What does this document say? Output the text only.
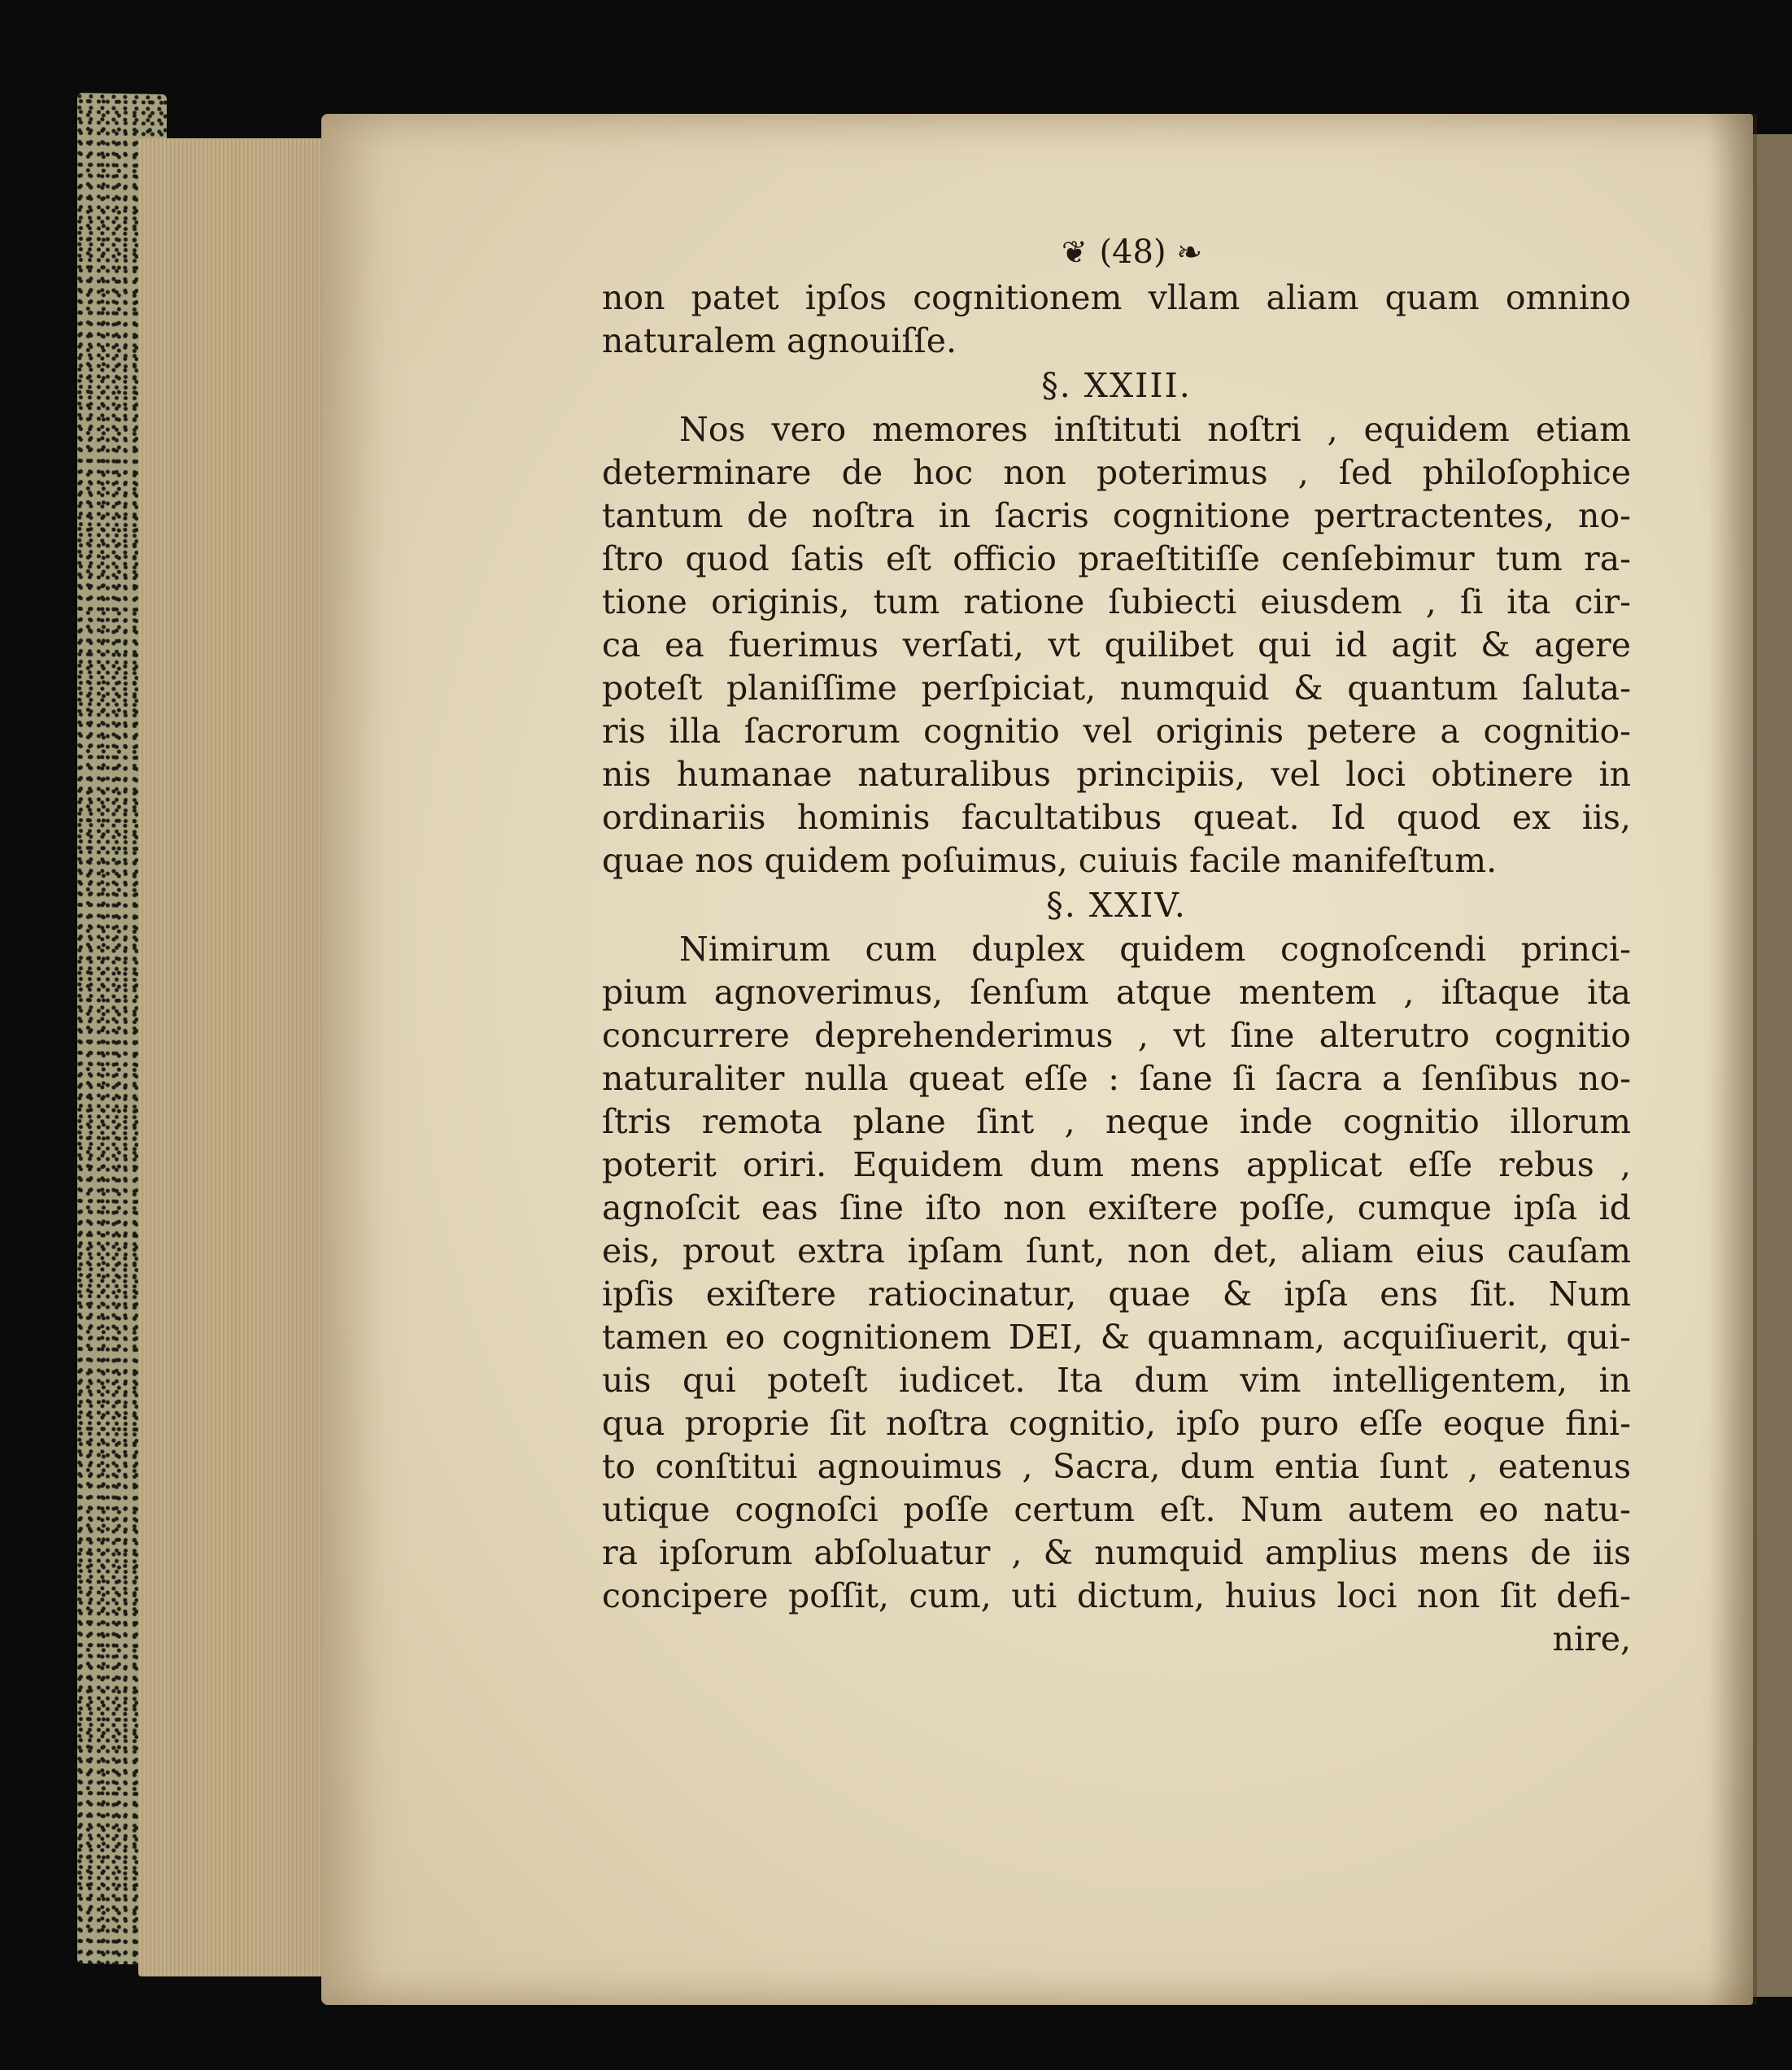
❦ (48) ❧
non patet ipſos cognitionem vllam aliam quam omnino
naturalem agnouiſſe.
§. XXIII.
Nos vero memores inſtituti noſtri , equidem etiam
determinare de hoc non poterimus , ſed philoſophice
tantum de noſtra in ſacris cognitione pertractentes, no-
ſtro quod ſatis eſt officio praeſtitiſſe cenſebimur tum ra-
tione originis, tum ratione ſubiecti eiusdem , ſi ita cir-
ca ea fuerimus verſati, vt quilibet qui id agit & agere
poteſt planiſſime perſpiciat, numquid & quantum ſaluta-
ris illa ſacrorum cognitio vel originis petere a cognitio-
nis humanae naturalibus principiis, vel loci obtinere in
ordinariis hominis facultatibus queat. Id quod ex iis,
quae nos quidem poſuimus, cuiuis facile manifeſtum.
§. XXIV.
Nimirum cum duplex quidem cognoſcendi princi-
pium agnoverimus, ſenſum atque mentem , iſtaque ita
concurrere deprehenderimus , vt ſine alterutro cognitio
naturaliter nulla queat eſſe : ſane ſi ſacra a ſenſibus no-
ſtris remota plane ſint , neque inde cognitio illorum
poterit oriri. Equidem dum mens applicat eſſe rebus ,
agnoſcit eas ſine iſto non exiſtere poſſe, cumque ipſa id
eis, prout extra ipſam ſunt, non det, aliam eius cauſam
ipſis exiſtere ratiocinatur, quae & ipſa ens ſit. Num
tamen eo cognitionem DEI, & quamnam, acquiſiuerit, qui-
uis qui poteſt iudicet. Ita dum vim intelligentem, in
qua proprie ſit noſtra cognitio, ipſo puro eſſe eoque fini-
to conſtitui agnouimus , Sacra, dum entia ſunt , eatenus
utique cognoſci poſſe certum eſt. Num autem eo natu-
ra ipſorum abſoluatur , & numquid amplius mens de iis
concipere poſſit, cum, uti dictum, huius loci non ſit defi-
nire,
